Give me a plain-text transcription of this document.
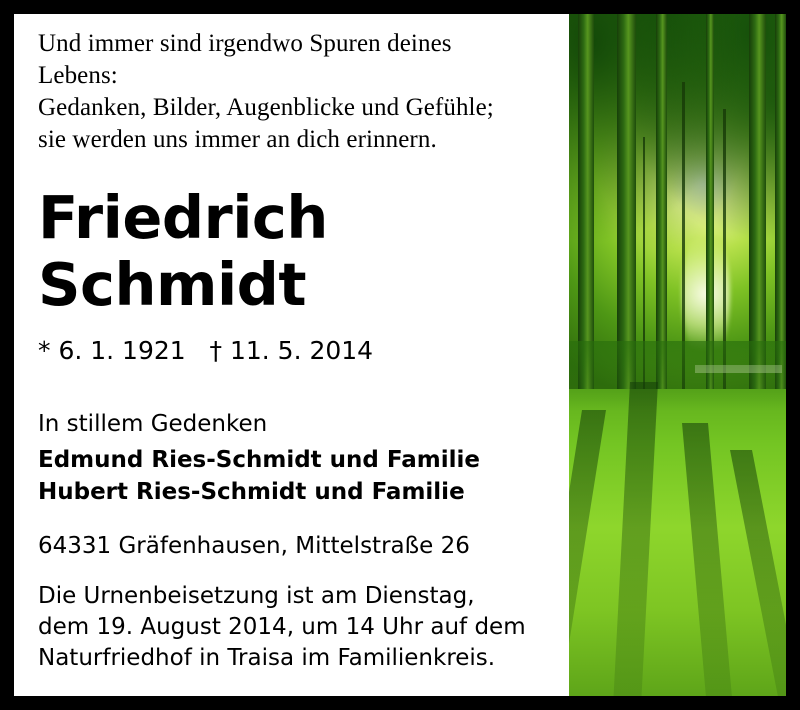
Und immer sind irgendwo Spuren deines
Lebens:
Gedanken, Bilder, Augenblicke und Gefühle;
sie werden uns immer an dich erinnern.
Friedrich
Schmidt
* 6. 1. 1921   † 11. 5. 2014
In stillem Gedenken
Edmund Ries-Schmidt und Familie
Hubert Ries-Schmidt und Familie
64331 Gräfenhausen, Mittelstraße 26
Die Urnenbeisetzung ist am Dienstag,
dem 19. August 2014, um 14 Uhr auf dem
Naturfriedhof in Traisa im Familienkreis.
